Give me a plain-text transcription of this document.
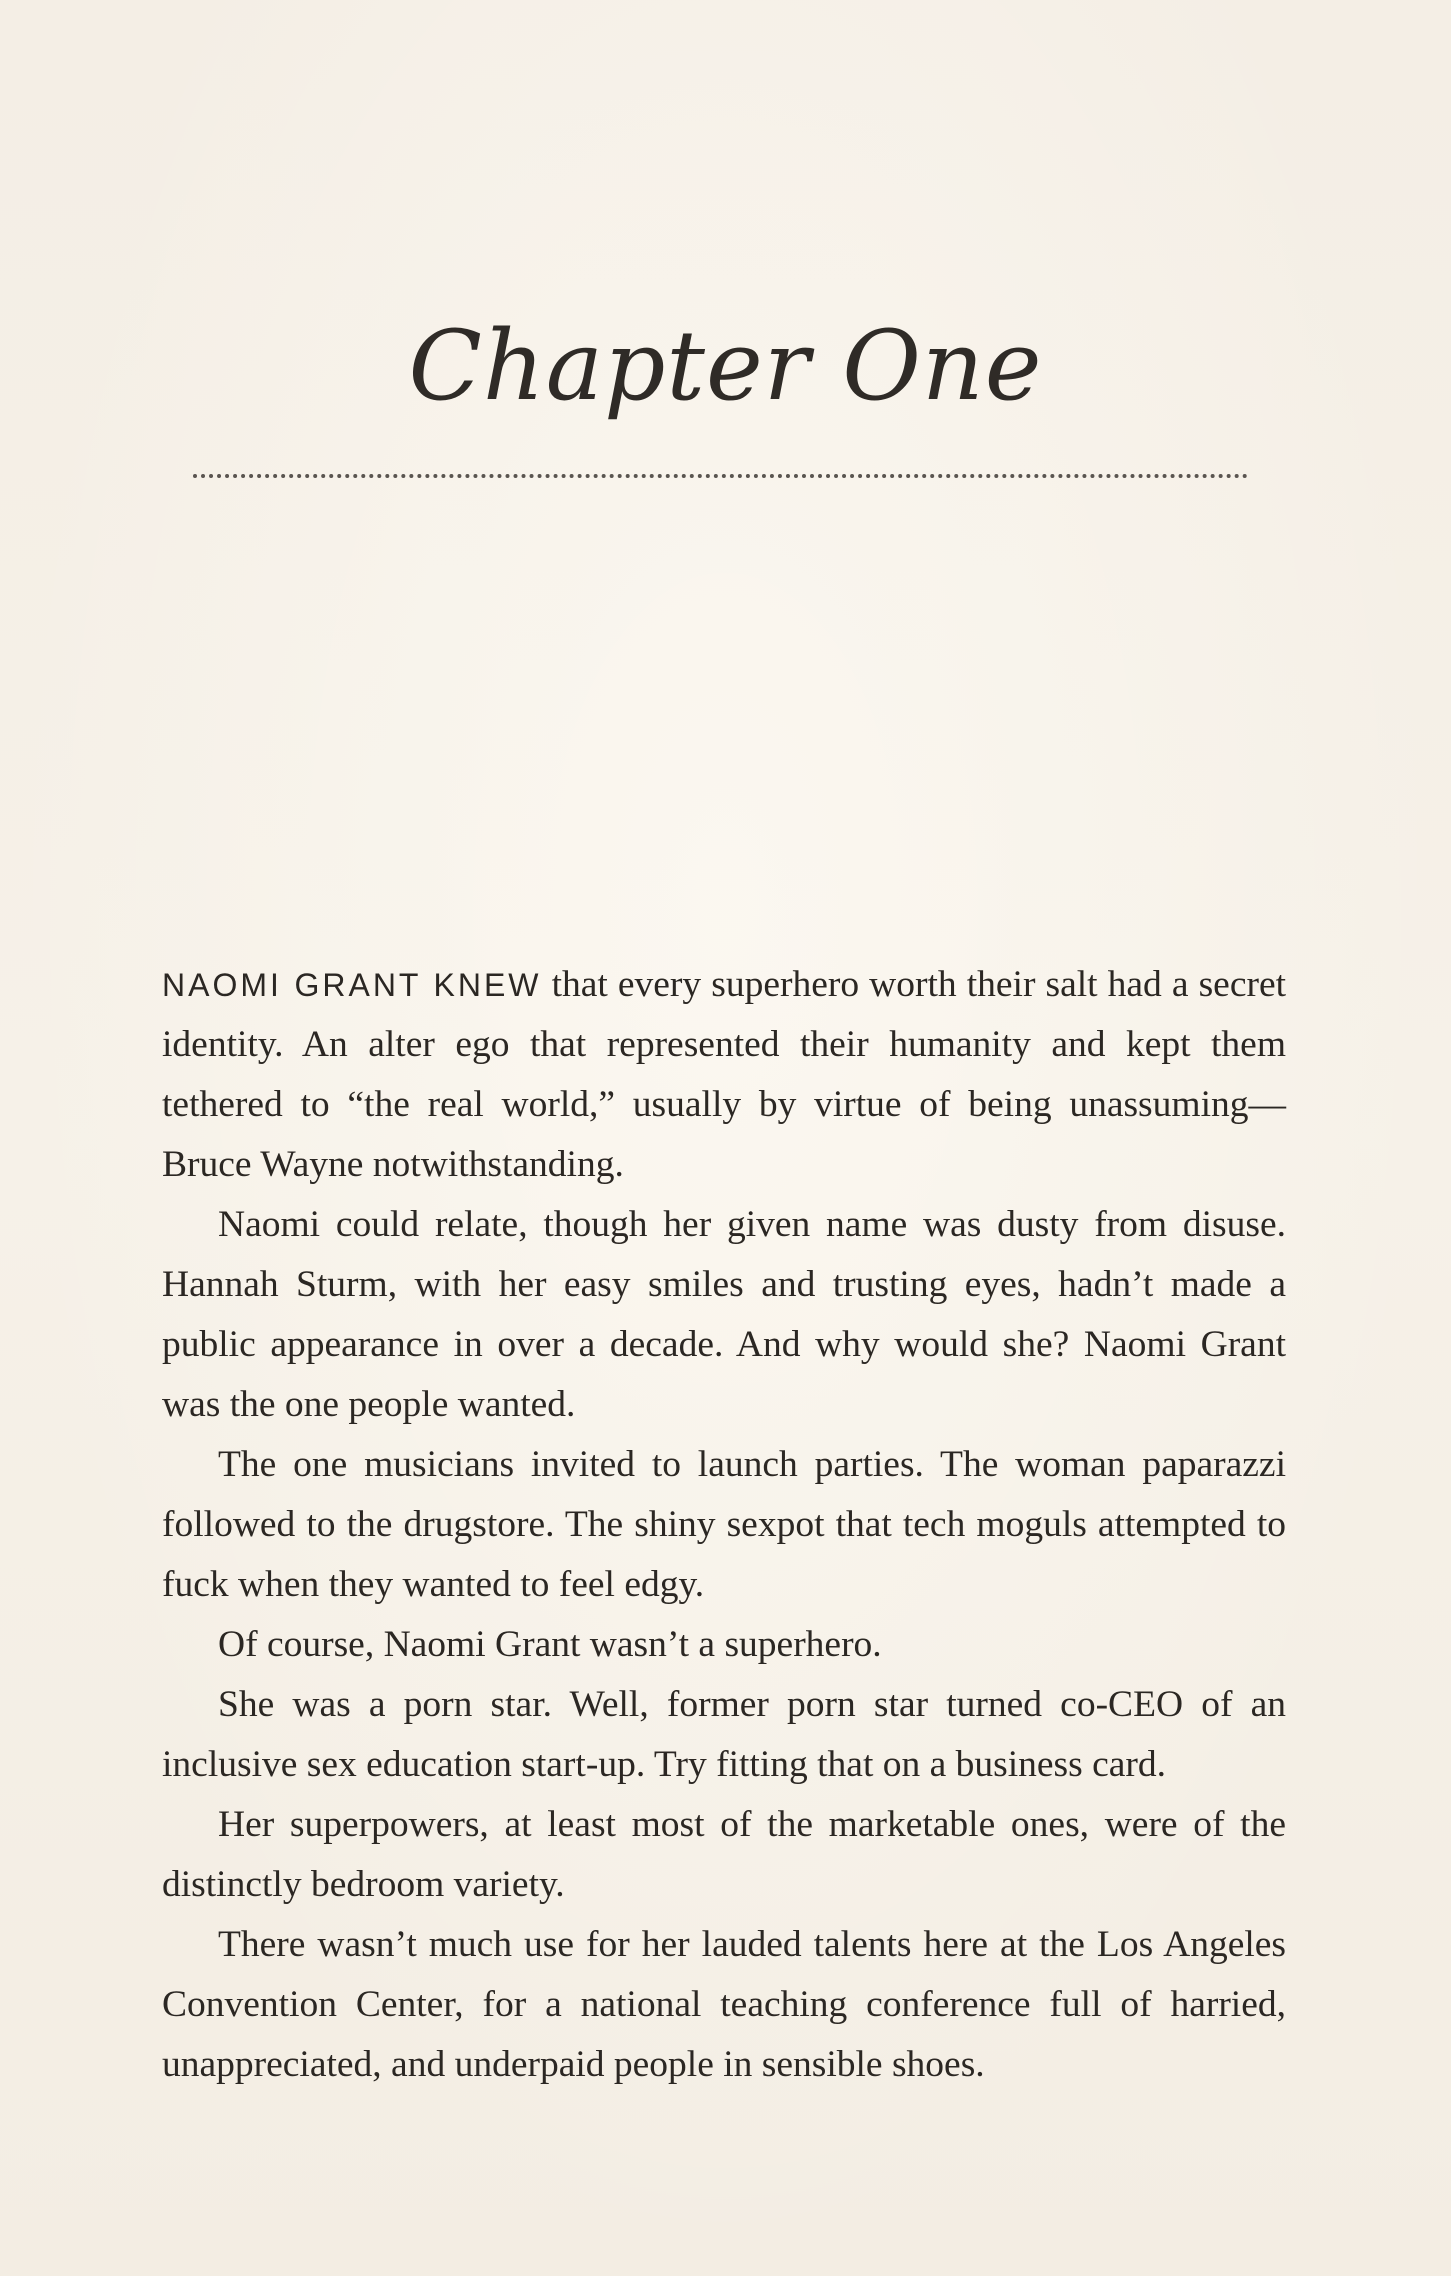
Chapter One

NAOMI GRANT KNEW that every superhero worth their salt had a secret identity. An alter ego that represented their humanity and kept them tethered to “the real world,” usually by virtue of being unassuming—Bruce Wayne notwithstanding.

Naomi could relate, though her given name was dusty from disuse. Hannah Sturm, with her easy smiles and trusting eyes, hadn’t made a public appearance in over a decade. And why would she? Naomi Grant was the one people wanted.

The one musicians invited to launch parties. The woman paparazzi followed to the drugstore. The shiny sexpot that tech moguls attempted to fuck when they wanted to feel edgy.

Of course, Naomi Grant wasn’t a superhero.

She was a porn star. Well, former porn star turned co-CEO of an inclusive sex education start-up. Try fitting that on a business card.

Her superpowers, at least most of the marketable ones, were of the distinctly bedroom variety.

There wasn’t much use for her lauded talents here at the Los Angeles Convention Center, for a national teaching conference full of harried, unappreciated, and underpaid people in sensible shoes.
